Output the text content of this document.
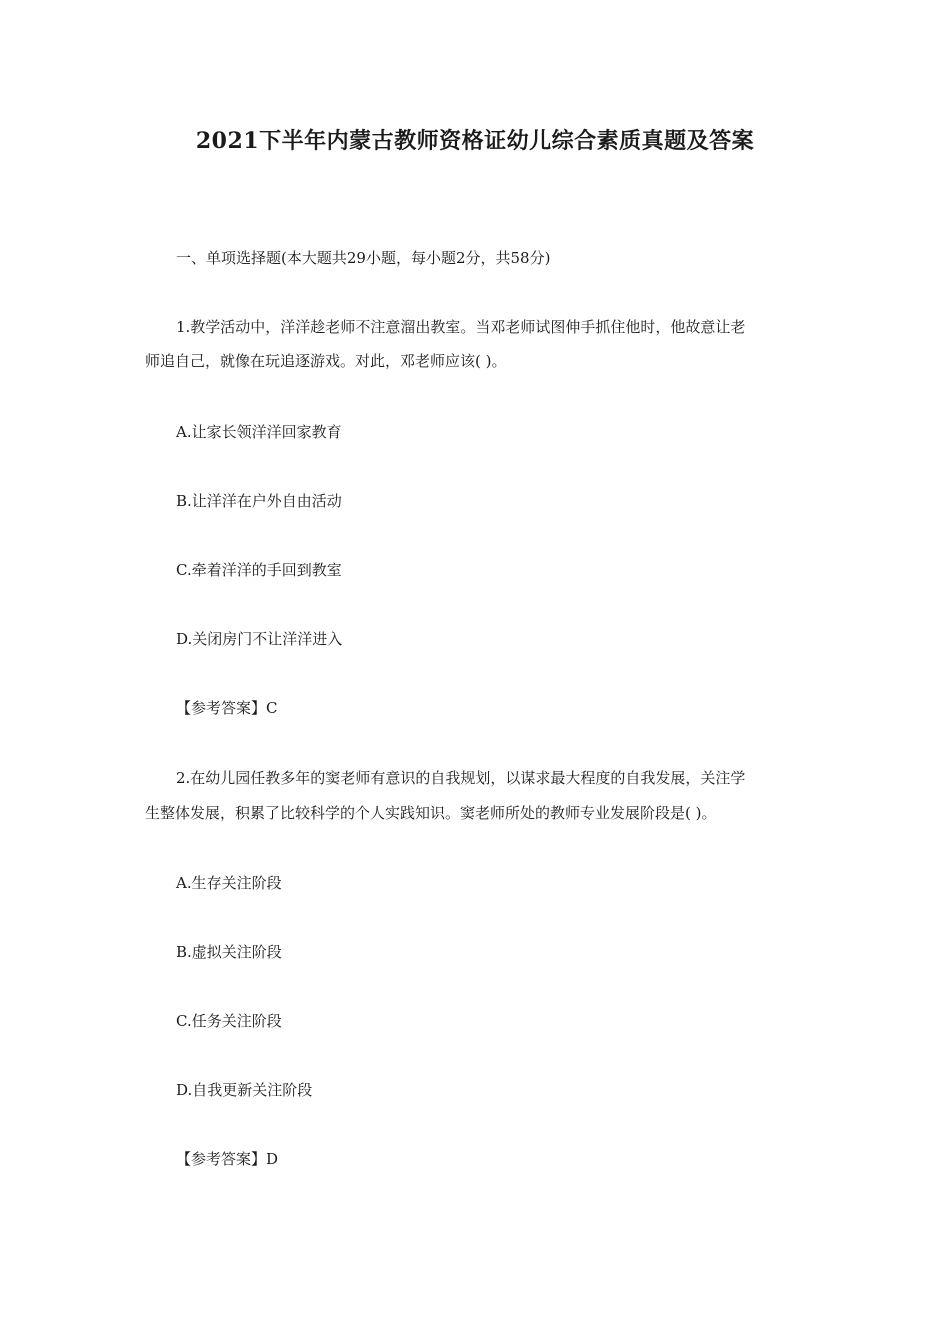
2021下半年内蒙古教师资格证幼儿综合素质真题及答案
一、单项选择题(本大题共29小题，每小题2分，共58分)
1.教学活动中，洋洋趁老师不注意溜出教室。当邓老师试图伸手抓住他时，他故意让老
师追自己，就像在玩追逐游戏。对此，邓老师应该( )。
A.让家长领洋洋回家教育
B.让洋洋在户外自由活动
C.牵着洋洋的手回到教室
D.关闭房门不让洋洋进入
【参考答案】C
2.在幼儿园任教多年的窦老师有意识的自我规划，以谋求最大程度的自我发展，关注学
生整体发展，积累了比较科学的个人实践知识。窦老师所处的教师专业发展阶段是( )。
A.生存关注阶段
B.虚拟关注阶段
C.任务关注阶段
D.自我更新关注阶段
【参考答案】D
